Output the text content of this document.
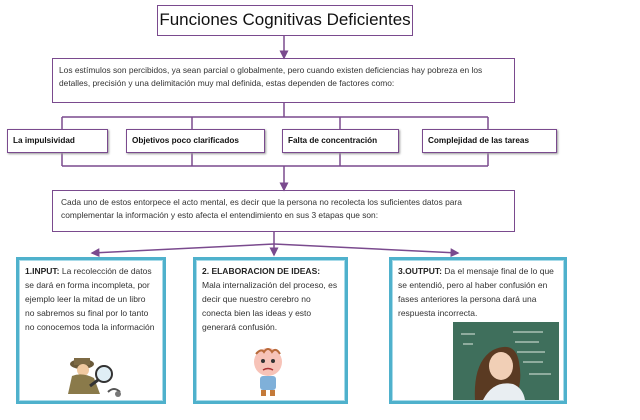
Funciones Cognitivas Deficientes
Los estímulos son percibidos, ya sean parcial o globalmente, pero cuando existen deficiencias hay pobreza en los detalles, precisión y una delimitación muy mal definida, estas dependen de factores como:
La impulsividad	Objetivos poco clarificados	Falta de concentración	Complejidad de las tareas
Cada uno de estos entorpece el acto mental, es decir que la persona no recolecta los suficientes datos para complementar la información y esto afecta el entendimiento en sus 3 etapas que son:
1.INPUT: La recolección de datos se dará en forma incompleta, por ejemplo leer la mitad de un libro no sabremos su final por lo tanto no conocemos toda la información
2. ELABORACION DE IDEAS: Mala internalización del proceso, es decir que nuestro cerebro no conecta bien las ideas y esto generará confusión.
3.OUTPUT: Da el mensaje final de lo que se entendió, pero al haber confusión en fases anteriores la persona dará una respuesta incorrecta.
